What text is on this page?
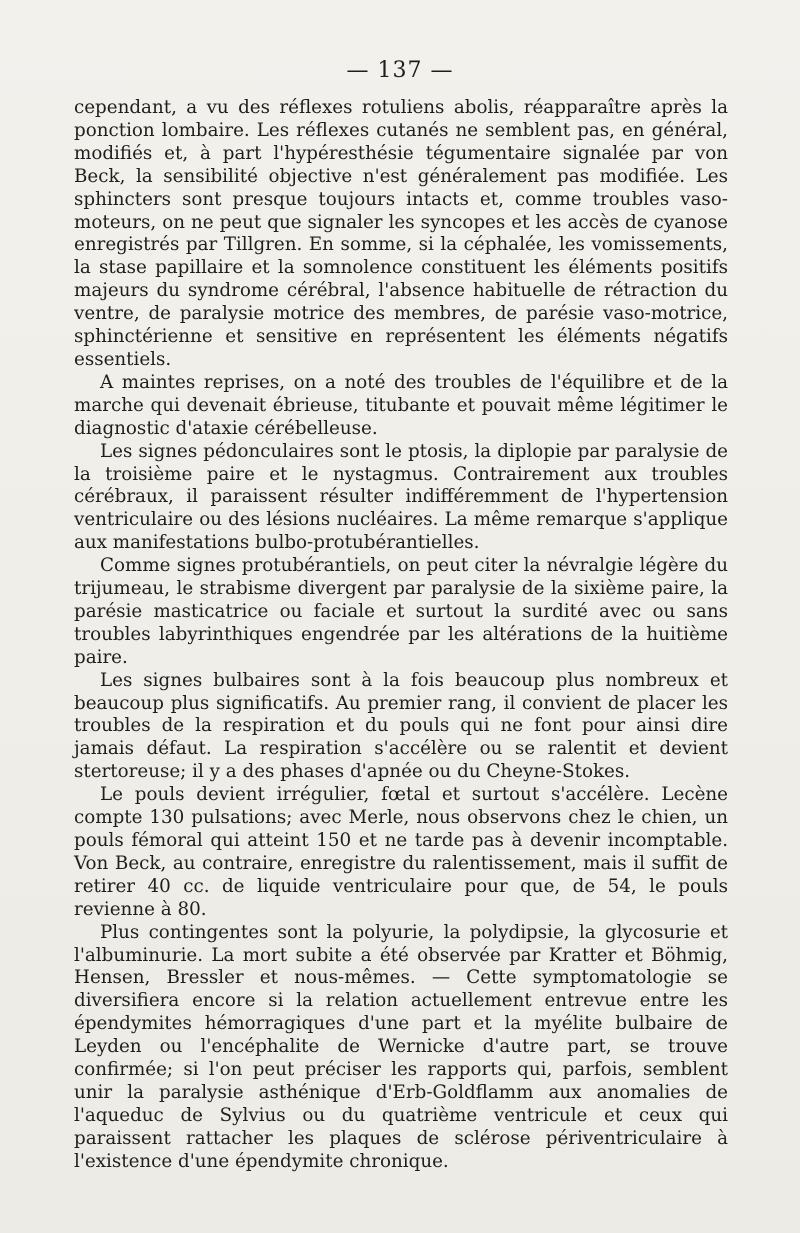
— 137 —

cependant, a vu des réflexes rotuliens abolis, réapparaître après la ponction lombaire. Les réflexes cutanés ne semblent pas, en général, modifiés et, à part l'hypéresthésie tégumentaire signalée par von Beck, la sensibilité objective n'est généralement pas modifiée. Les sphincters sont presque toujours intacts et, comme troubles vaso-moteurs, on ne peut que signaler les syncopes et les accès de cyanose enregistrés par Tillgren. En somme, si la céphalée, les vomissements, la stase papillaire et la somnolence constituent les éléments positifs majeurs du syndrome cérébral, l'absence habituelle de rétraction du ventre, de paralysie motrice des membres, de parésie vaso-motrice, sphinctérienne et sensitive en représentent les éléments négatifs essentiels.

A maintes reprises, on a noté des troubles de l'équilibre et de la marche qui devenait ébrieuse, titubante et pouvait même légitimer le diagnostic d'ataxie cérébelleuse.

Les signes pédonculaires sont le ptosis, la diplopie par paralysie de la troisième paire et le nystagmus. Contrairement aux troubles cérébraux, il paraissent résulter indifféremment de l'hypertension ventriculaire ou des lésions nucléaires. La même remarque s'applique aux manifestations bulbo-protubérantielles.

Comme signes protubérantiels, on peut citer la névralgie légère du trijumeau, le strabisme divergent par paralysie de la sixième paire, la parésie masticatrice ou faciale et surtout la surdité avec ou sans troubles labyrinthiques engendrée par les altérations de la huitième paire.

Les signes bulbaires sont à la fois beaucoup plus nombreux et beaucoup plus significatifs. Au premier rang, il convient de placer les troubles de la respiration et du pouls qui ne font pour ainsi dire jamais défaut. La respiration s'accélère ou se ralentit et devient stertoreuse; il y a des phases d'apnée ou du Cheyne-Stokes.

Le pouls devient irrégulier, fœtal et surtout s'accélère. Lecène compte 130 pulsations; avec Merle, nous observons chez le chien, un pouls fémoral qui atteint 150 et ne tarde pas à devenir incomptable. Von Beck, au contraire, enregistre du ralentissement, mais il suffit de retirer 40 cc. de liquide ventriculaire pour que, de 54, le pouls revienne à 80.

Plus contingentes sont la polyurie, la polydipsie, la glycosurie et l'albuminurie. La mort subite a été observée par Kratter et Böhmig, Hensen, Bressler et nous-mêmes. — Cette symptomatologie se diversifiera encore si la relation actuellement entrevue entre les épendymites hémorragiques d'une part et la myélite bulbaire de Leyden ou l'encéphalite de Wernicke d'autre part, se trouve confirmée; si l'on peut préciser les rapports qui, parfois, semblent unir la paralysie asthénique d'Erb-Goldflamm aux anomalies de l'aqueduc de Sylvius ou du quatrième ventricule et ceux qui paraissent rattacher les plaques de sclérose périventriculaire à l'existence d'une épendymite chronique.
